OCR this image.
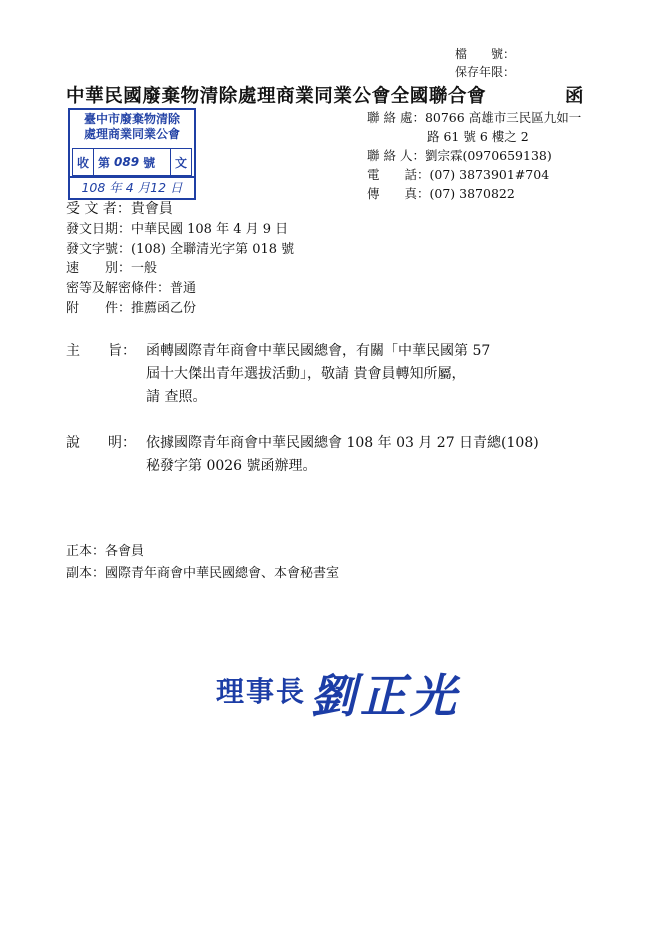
檔　　號：
保存年限：
中華民國廢棄物清除處理商業同業公會全國聯合會	函
臺中市廢棄物清除
處理商業同業公會
收 第 089 號	文
108 年 4 月12 日
聯 絡 處：80766 高雄市三民區九如一
路 61 號 6 樓之 2
聯 絡 人：劉宗霖(0970659138)
電　　話：(07) 3873901#704
傳　　真：(07) 3870822
受 文 者：貴會員
發文日期：中華民國 108 年 4 月 9 日
發文字號：(108) 全聯清光字第 018 號
速　　別：一般
密等及解密條件：普通
附　　件：推薦函乙份
主　　旨： 函轉國際青年商會中華民國總會，有關「中華民國第 57
屆十大傑出青年選拔活動」，敬請 貴會員轉知所屬，
請 查照。
說　　明： 依據國際青年商會中華民國總會 108 年 03 月 27 日青總(108)
秘發字第 0026 號函辦理。
正本：各會員
副本：國際青年商會中華民國總會、本會秘書室
理事長 劉正光
